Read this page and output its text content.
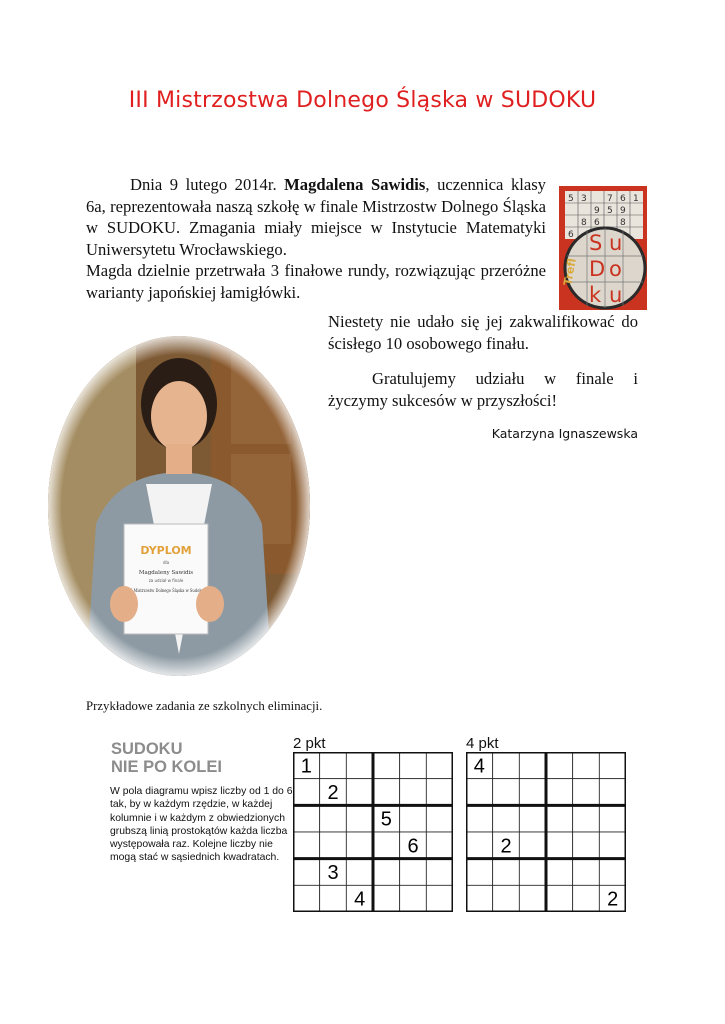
III Mistrzostwa Dolnego Śląska w SUDOKU

Dnia 9 lutego 2014r. Magdalena Sawidis, uczennica klasy 6a, reprezentowała naszą szkołę w finale Mistrzostw Dolnego Śląska w SUDOKU. Zmagania miały miejsce w Instytucie Matematyki Uniwersytetu Wrocławskiego.

Magda dzielnie przetrwała 3 finałowe rundy, rozwiązując przeróżne warianty japońskiej łamigłówki.

5 3 7 6 1
9 5 9
8 6 8
6 S u
D o
k u
Trefl

Niestety nie udało się jej zakwalifikować do ścisłego 10 osobowego finału.

Gratulujemy udziału w finale i życzymy sukcesów w przyszłości!

Katarzyna Ignaszewska
Przykładowe zadania ze szkolnych eliminacji.
SUDOKU
NIE PO KOLEI
W pola diagramu wpisz liczby od 1 do 6 tak, by w każdym rzędzie, w każdej kolumnie i w każdym z obwiedzionych grubszą linią prostokątów każda liczba występowała raz. Kolejne liczby nie mogą stać w sąsiednich kwadratach.
2 pkt	4 pkt
1
2
5
6
3
4
4
2
2
